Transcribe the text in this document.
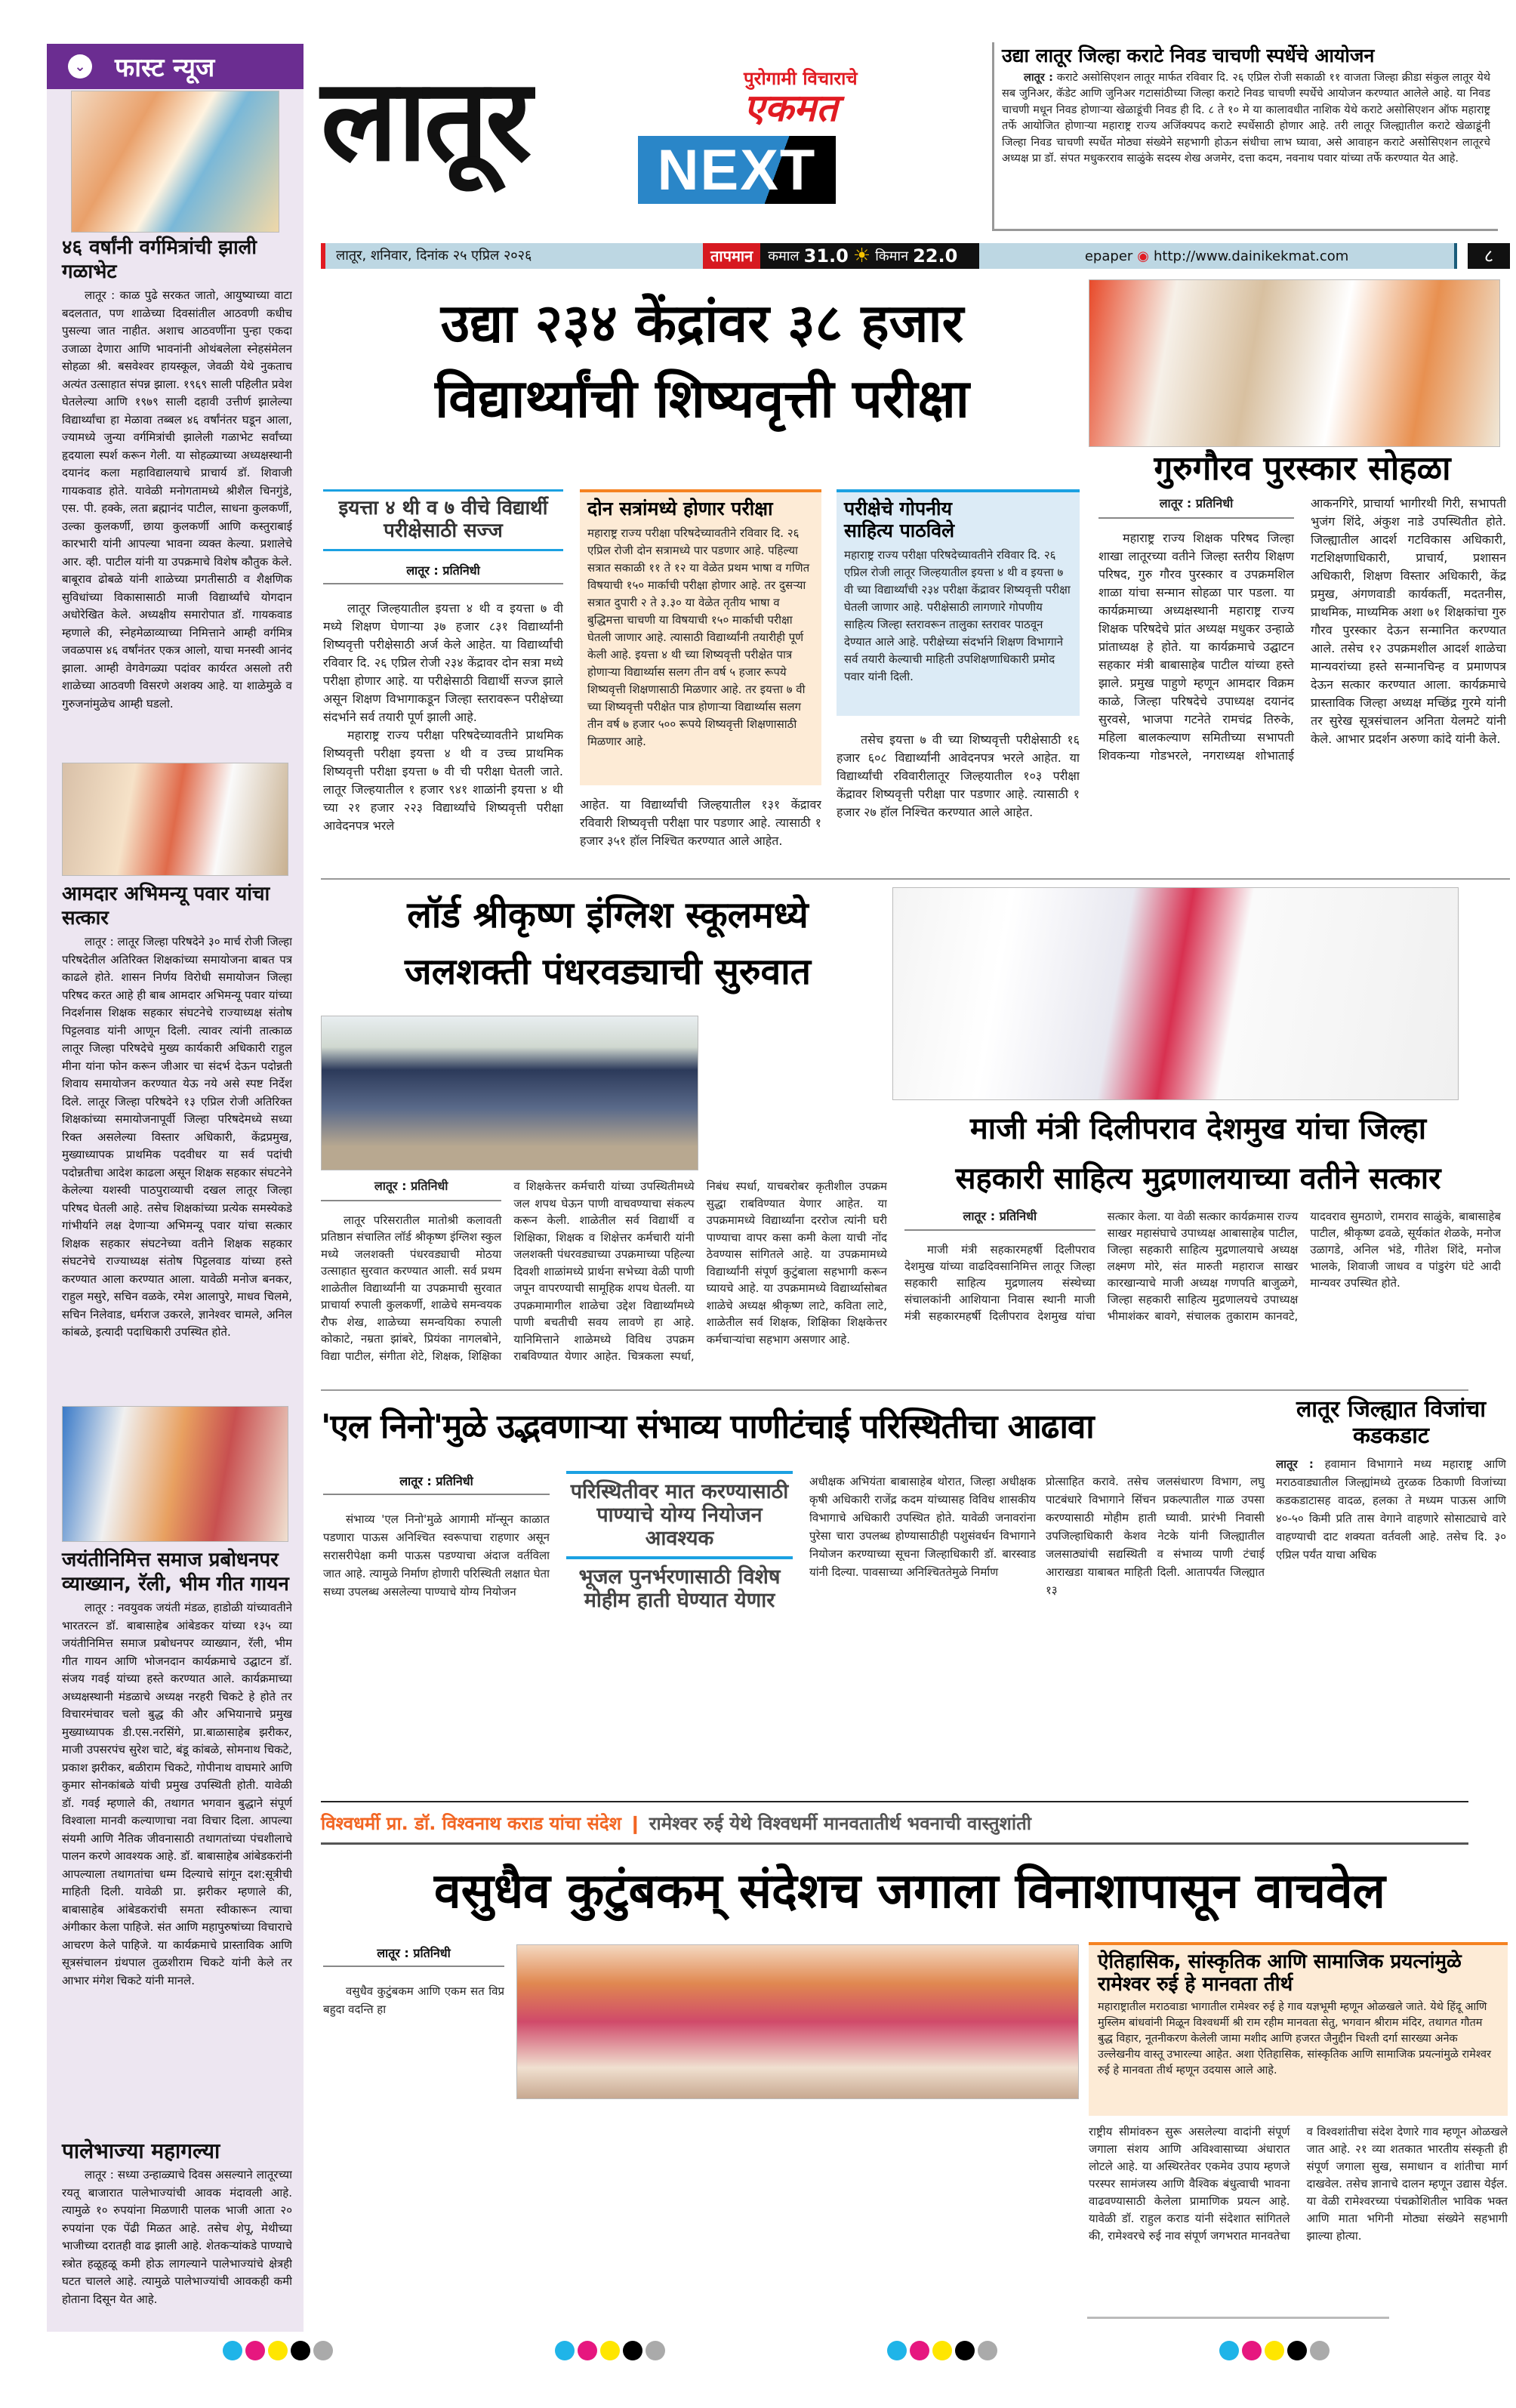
⌄ फास्ट न्यूज
४६ वर्षांनी वर्गमित्रांची झाली गळाभेट
लातूर : काळ पुढे सरकत जातो, आयुष्याच्या वाटा बदलतात, पण शाळेच्या दिवसांतील आठवणी कधीच पुसल्या जात नाहीत. अशाच आठवणींना पुन्हा एकदा उजाळा देणारा आणि भावनांनी ओथंबलेला स्नेहसंमेलन सोहळा श्री. बसवेश्वर हायस्कूल, जेवळी येथे नुकताच अत्यंत उत्साहात संपन्न झाला. १९६९ साली पहिलीत प्रवेश घेतलेल्या आणि १९७९ साली दहावी उत्तीर्ण झालेल्या विद्यार्थ्यांचा हा मेळावा तब्बल ४६ वर्षांनंतर घडून आला, ज्यामध्ये जुन्या वर्गमित्रांची झालेली गळाभेट सर्वांच्या हृदयाला स्पर्श करून गेली. या सोहळ्याच्या अध्यक्षस्थानी दयानंद कला महाविद्यालयाचे प्राचार्य डॉ. शिवाजी गायकवाड होते. यावेळी मनोगतामध्ये श्रीशैल चिनगुंडे, एस. पी. हक्के, लता ब्रह्मानंद पाटील, साधना कुलकर्णी, उल्का कुलकर्णी, छाया कुलकर्णी आणि कस्तुराबाई कारभारी यांनी आपल्या भावना व्यक्त केल्या. प्रशालेचे आर. व्ही. पाटील यांनी या उपक्रमाचे विशेष कौतुक केले. बाबूराव ढोबळे यांनी शाळेच्या प्रगतीसाठी व शैक्षणिक सुविधांच्या विकासासाठी माजी विद्यार्थ्यांचे योगदान अधोरेखित केले. अध्यक्षीय समारोपात डॉ. गायकवाड म्हणाले की, स्नेहमेळाव्याच्या निमित्ताने आम्ही वर्गमित्र जवळपास ४६ वर्षांनंतर एकत्र आलो, याचा मनस्वी आनंद झाला. आम्ही वेगवेगळ्या पदांवर कार्यरत असलो तरी शाळेच्या आठवणी विसरणे अशक्य आहे. या शाळेमुळे व गुरुजनांमुळेच आम्ही घडलो.
आमदार अभिमन्यू पवार यांचा सत्कार
लातूर : लातूर जिल्हा परिषदेने ३० मार्च रोजी जिल्हा परिषदेतील अतिरिक्त शिक्षकांच्या समायोजना बाबत पत्र काढले होते. शासन निर्णय विरोधी समायोजन जिल्हा परिषद करत आहे ही बाब आमदार अभिमन्यू पवार यांच्या निदर्शनास शिक्षक सहकार संघटनेचे राज्याध्यक्ष संतोष पिट्टलवाड यांनी आणून दिली. त्यावर त्यांनी तात्काळ लातूर जिल्हा परिषदेचे मुख्य कार्यकारी अधिकारी राहुल मीना यांना फोन करून जीआर चा संदर्भ देऊन पदोन्नती शिवाय समायोजन करण्यात येऊ नये असे स्पष्ट निर्देश दिले. लातूर जिल्हा परिषदेने १३ एप्रिल रोजी अतिरिक्त शिक्षकांच्या समायोजनापूर्वी जिल्हा परिषदेमध्ये सध्या रिक्त असलेल्या विस्तार अधिकारी, केंद्रप्रमुख, मुख्याध्यापक प्राथमिक पदवीधर या सर्व पदांची पदोन्नतीचा आदेश काढला असून शिक्षक सहकार संघटनेने केलेल्या यशस्वी पाठपुराव्याची दखल लातूर जिल्हा परिषद घेतली आहे. तसेच शिक्षकांच्या प्रत्येक समस्येकडे गांभीर्याने लक्ष देणाऱ्या अभिमन्यू पवार यांचा सत्कार शिक्षक सहकार संघटनेच्या वतीने शिक्षक सहकार संघटनेचे राज्याध्यक्ष संतोष पिट्टलवाड यांच्या हस्ते करण्यात आला करण्यात आला. यावेळी मनोज बनकर, राहुल मसुरे, सचिन वळके, रमेश आलापुरे, माधव चिलमे, सचिन निलेवाड, धर्मराज उकरले, ज्ञानेश्वर चामले, अनिल कांबळे, इत्यादी पदाधिकारी उपस्थित होते.
जयंतीनिमित्त समाज प्रबोधनपर व्याख्यान, रॅली, भीम गीत गायन
लातूर : नवयुवक जयंती मंडळ, हाडोळी यांच्यावतीने भारतरत्न डॉ. बाबासाहेब आंबेडकर यांच्या १३५ व्या जयंतीनिमित्त समाज प्रबोधनपर व्याख्यान, रॅली, भीम गीत गायन आणि भोजनदान कार्यक्रमाचे उद्घाटन डॉ. संजय गवई यांच्या हस्ते करण्यात आले. कार्यक्रमाच्या अध्यक्षस्थानी मंडळाचे अध्यक्ष नरहरी चिकटे हे होते तर विचारमंचावर चलो बुद्ध की और अभियानाचे प्रमुख मुख्याध्यापक डी.एस.नरसिंगे, प्रा.बाळासाहेब झरीकर, माजी उपसरपंच सुरेश चाटे, बंडू कांबळे, सोमनाथ चिकटे, प्रकाश झरीकर, बळीराम चिकटे, गोपीनाथ वाघमारे आणि कुमार सोनकांबळे यांची प्रमुख उपस्थिती होती. यावेळी डॉ. गवई म्हणाले की, तथागत भगवान बुद्धाने संपूर्ण विश्वाला मानवी कल्याणाचा नवा विचार दिला. आपल्या संयमी आणि नैतिक जीवनासाठी तथागतांच्या पंचशीलाचे पालन करणे आवश्यक आहे. डॉ. बाबासाहेब आंबेडकरांनी आपल्याला तथागतांचा धम्म दिल्याचे सांगून दश:सूत्रीची माहिती दिली. यावेळी प्रा. झरीकर म्हणाले की, बाबासाहेब आंबेडकरांची समता स्वीकारून त्याचा अंगीकार केला पाहिजे. संत आणि महापुरुषांच्या विचाराचे आचरण केले पाहिजे. या कार्यक्रमाचे प्रास्ताविक आणि सूत्रसंचालन ग्रंथपाल तुळशीराम चिकटे यांनी केले तर आभार मंगेश चिकटे यांनी मानले.
पालेभाज्या महागल्या
लातूर : सध्या उन्हाळ्याचे दिवस असल्याने लातूरच्या रयतू बाजारात पालेभाज्यांची आवक मंदावली आहे. त्यामुळे १० रुपयांना मिळणारी पालक भाजी आता २० रुपयांना एक पेंढी मिळत आहे. तसेच शेपू, मेथीच्या भाजीच्या दरातही वाढ झाली आहे. शेतकऱ्यांकडे पाण्याचे स्त्रोत हळूहळू कमी होऊ लागल्याने पालेभाज्यांचे क्षेत्रही घटत चालले आहे. त्यामुळे पालेभाज्यांची आवकही कमी होताना दिसून येत आहे.
लातूर	पुरोगामी विचाराचे
एकमत
NEXT
लातूर, शनिवार, दिनांक २५ एप्रिल २०२६	तापमान	कमाल 31.0 ☀ किमान 22.0	epaper ◉ http://www.dainikekmat.com	८
उद्या लातूर जिल्हा कराटे निवड चाचणी स्पर्धेचे आयोजन
लातूर : कराटे असोसिएशन लातूर मार्फत रविवार दि. २६ एप्रिल रोजी सकाळी ११ वाजता जिल्हा क्रीडा संकुल लातूर येथे सब जुनिअर, कॅडेट आणि जुनिअर गटासांठीच्या जिल्हा कराटे निवड चाचणी स्पर्धेचे आयोजन करण्यात आलेले आहे. या निवड चाचणी मधून निवड होणाऱ्या खेळाडूंची निवड ही दि. ८ ते १० मे या कालावधीत नाशिक येथे कराटे असोसिएशन ऑफ महाराष्ट्र तर्फे आयोजित होणाऱ्या महाराष्ट्र राज्य अजिंक्यपद कराटे स्पर्धेसाठी होणार आहे. तरी लातूर जिल्ह्यातील कराटे खेळाडूंनी जिल्हा निवड चाचणी स्पर्धेत मोठ्या संख्येने सहभागी होऊन संधीचा लाभ घ्यावा, असे आवाहन कराटे असोसिएशन लातूरचे अध्यक्ष प्रा डॉ. संपत मधुकरराव साळुंके सदस्य शेख अजमेर, दत्ता कदम, नवनाथ पवार यांच्या तर्फे करण्यात येत आहे.
उद्या २३४ केंद्रांवर ३८ हजार
विद्यार्थ्यांची शिष्यवृत्ती परीक्षा
इयत्ता ४ थी व ७ वीचे विद्यार्थी परीक्षेसाठी सज्ज
लातूर : प्रतिनिधी

लातूर जिल्हयातील इयत्ता ४ थी व इयत्ता ७ वी मध्ये शिक्षण घेणाऱ्या ३७ हजार ८३१ विद्यार्थ्यांनी शिष्यवृत्ती परीक्षेसाठी अर्ज केले आहेत. या विद्यार्थ्यांची रविवार दि. २६ एप्रिल रोजी २३४ केंद्रावर दोन सत्रा मध्ये परीक्षा होणार आहे. या परीक्षेसाठी विद्यार्थी सज्ज झाले असून शिक्षण विभागाकडून जिल्हा स्तरावरून परीक्षेच्या संदर्भाने सर्व तयारी पूर्ण झाली आहे.

महाराष्ट्र राज्य परीक्षा परिषदेच्यावतीने प्राथमिक शिष्यवृत्ती परीक्षा इयत्ता ४ थी व उच्च प्राथमिक शिष्यवृत्ती परीक्षा इयत्ता ७ वी ची परीक्षा घेतली जाते. लातूर जिल्हयातील १ हजार ९४१ शाळांनी इयत्ता ४ थी च्या २१ हजार २२३ विद्यार्थ्यांचे शिष्यवृत्ती परीक्षा आवेदनपत्र भरले

दोन सत्रांमध्ये होणार परीक्षा
महाराष्ट्र राज्य परीक्षा परिषदेच्यावतीने रविवार दि. २६ एप्रिल रोजी दोन सत्रामध्ये पार पडणार आहे. पहिल्या सत्रात सकाळी ११ ते १२ या वेळेत प्रथम भाषा व गणित विषयाची १५० मार्काची परीक्षा होणार आहे. तर दुसऱ्या सत्रात दुपारी २ ते ३.३० या वेळेत तृतीय भाषा व बुद्धिमत्ता चाचणी या विषयाची १५० मार्काची परीक्षा घेतली जाणार आहे. त्यासाठी विद्यार्थ्यांनी तयारीही पूर्ण केली आहे. इयत्ता ४ थी च्या शिष्यवृत्ती परीक्षेत पात्र होणाऱ्या विद्यार्थ्यास सलग तीन वर्ष ५ हजार रूपये शिष्यवृत्ती शिक्षणासाठी मिळणार आहे. तर इयत्ता ७ वी च्या शिष्यवृत्ती परीक्षेत पात्र होणाऱ्या विद्यार्थ्यास सलग तीन वर्ष ७ हजार ५०० रूपये शिष्यवृत्ती शिक्षणासाठी मिळणार आहे.
आहेत. या विद्यार्थ्यांची जिल्हयातील १३१ केंद्रावर रविवारी शिष्यवृत्ती परीक्षा पार पडणार आहे. त्यासाठी १ हजार ३५१ हॉल निश्चित करण्यात आले आहेत.
परीक्षेचे गोपनीय साहित्य पाठविले
महाराष्ट्र राज्य परीक्षा परिषदेच्यावतीने रविवार दि. २६ एप्रिल रोजी लातूर जिल्हयातील इयत्ता ४ थी व इयत्ता ७ वी च्या विद्यार्थ्यांची २३४ परीक्षा केंद्रावर शिष्यवृत्ती परीक्षा घेतली जाणार आहे. परीक्षेसाठी लागणारे गोपणीय साहित्य जिल्हा स्तरावरून तालुका स्तरावर पाठवून देण्यात आले आहे. परीक्षेच्या संदर्भाने शिक्षण विभागाने सर्व तयारी केल्याची माहिती उपशिक्षणाधिकारी प्रमोद पवार यांनी दिली.
तसेच इयत्ता ७ वी च्या शिष्यवृत्ती परीक्षेसाठी १६ हजार ६०८ विद्यार्थ्यांनी आवेदनपत्र भरले आहेत. या विद्यार्थ्यांची रविवारीलातूर जिल्हयातील १०३ परीक्षा केंद्रावर शिष्यवृत्ती परीक्षा पार पडणार आहे. त्यासाठी १ हजार २७ हॉल निश्चित करण्यात आले आहेत.
गुरुगौरव पुरस्कार सोहळा
लातूर : प्रतिनिधी
महाराष्ट्र राज्य शिक्षक परिषद जिल्हा शाखा लातूरच्या वतीने जिल्हा स्तरीय शिक्षण परिषद, गुरु गौरव पुरस्कार व उपक्रमशिल शाळा यांचा सन्मान सोहळा पार पडला. या कार्यक्रमाच्या अध्यक्षस्थानी महाराष्ट्र राज्य शिक्षक परिषदेचे प्रांत अध्यक्ष मधुकर उन्हाळे प्रांताध्यक्ष हे होते. या कार्यक्रमाचे उद्घाटन सहकार मंत्री बाबासाहेब पाटील यांच्या हस्ते झाले. प्रमुख पाहुणे म्हणून आमदार विक्रम काळे, जिल्हा परिषदेचे उपाध्यक्ष दयानंद सुरवसे, भाजपा गटनेते रामचंद्र तिरुके, महिला बालकल्याण समितीच्या सभापती शिवकन्या गोडभरले, नगराध्यक्ष शोभाताई आकनगिरे, प्राचार्या भागीरथी गिरी, सभापती भुजंग शिंदे, अंकुश नाडे उपस्थितीत होते. जिल्ह्यातील आदर्श गटविकास अधिकारी, गटशिक्षणाधिकारी, प्राचार्य, प्रशासन अधिकारी, शिक्षण विस्तार अधिकारी, केंद्र प्रमुख, अंगणवाडी कार्यकर्ती, मदतनीस, प्राथमिक, माध्यमिक अशा ७१ शिक्षकांचा गुरु गौरव पुरस्कार देऊन सन्मानित करण्यात आले. तसेच १२ उपक्रमशील आदर्श शाळेचा मान्यवरांच्या हस्ते सन्मानचिन्ह व प्रमाणपत्र देऊन सत्कार करण्यात आला. कार्यक्रमाचे प्रास्ताविक जिल्हा अध्यक्ष मच्छिंद्र गुरमे यांनी तर सुरेख सूत्रसंचालन अनिता येलमटे यांनी केले. आभार प्रदर्शन अरुणा कांदे यांनी केले.
लॉर्ड श्रीकृष्ण इंग्लिश स्कूलमध्ये
जलशक्ती पंधरवड्याची सुरुवात
लातूर : प्रतिनिधी
लातूर परिसरातील मातोश्री कलावती प्रतिष्ठान संचालित लॉर्ड श्रीकृष्ण इंग्लिश स्कुल मध्ये जलशक्ती पंधरवड्याची मोठया उत्साहात सुरवात करण्यात आली. सर्व प्रथम शाळेतील विद्यार्थ्यांनी या उपक्रमाची सुरवात प्राचार्या रुपाली कुलकर्णी, शाळेचे समन्वयक रौफ शेख, शाळेच्या समन्वयिका रुपाली कोकाटे, नम्रता झांबरे, प्रियंका नागलबोने, विद्या पाटील, संगीता शेटे, शिक्षक, शिक्षिका व शिक्षकेत्तर कर्मचारी यांच्या उपस्थितीमध्ये जल शपथ घेऊन पाणी वाचवण्याचा संकल्प करून केली. शाळेतील सर्व विद्यार्थी व शिक्षिका, शिक्षक व शिक्षेत्तर कर्मचारी यांनी जलशक्ती पंधरवड्याच्या उपक्रमाच्या पहिल्या दिवशी शाळांमध्ये प्रार्थना सभेच्या वेळी पाणी जपून वापरण्याची सामूहिक शपथ घेतली. या उपक्रमामागील शाळेचा उद्देश विद्यार्थ्यांमध्ये पाणी बचतीची सवय लावणे हा आहे. यानिमित्ताने शाळेमध्ये विविध उपक्रम राबविण्यात येणार आहेत. चित्रकला स्पर्धा, निबंध स्पर्धा, याचबरोबर कृतीशील उपक्रम सुद्धा राबविण्यात येणार आहेत. या उपक्रमामध्ये विद्यार्थ्यांना दररोज त्यांनी घरी पाण्याचा वापर कसा कमी केला याची नोंद ठेवण्यास सांगितले आहे. या उपक्रमामध्ये विद्यार्थ्यांनी संपूर्ण कुटुंबाला सहभागी करून घ्यायचे आहे. या उपक्रमामध्ये विद्यार्थ्यासोबत शाळेचे अध्यक्ष श्रीकृष्ण लाटे, कविता लाटे, शाळेतील सर्व शिक्षक, शिक्षिका शिक्षकेत्तर कर्मचाऱ्यांचा सहभाग असणार आहे.
माजी मंत्री दिलीपराव देशमुख यांचा जिल्हा
सहकारी साहित्य मुद्रणालयाच्या वतीने सत्कार
लातूर : प्रतिनिधी
माजी मंत्री सहकारमहर्षी दिलीपराव देशमुख यांच्या वाढदिवसानिमित्त लातूर जिल्हा सहकारी साहित्य मुद्रणालय संस्थेच्या संचालकांनी आशियाना निवास स्थानी माजी मंत्री सहकारमहर्षी दिलीपराव देशमुख यांचा सत्कार केला. या वेळी सत्कार कार्यक्रमास राज्य साखर महासंघाचे उपाध्यक्ष आबासाहेब पाटील, जिल्हा सहकारी साहित्य मुद्रणालयाचे अध्यक्ष लक्ष्मण मोरे, संत मारुती महाराज साखर कारखान्याचे माजी अध्यक्ष गणपति बाजुळगे, जिल्हा सहकारी साहित्य मुद्रणालयचे उपाध्यक्ष भीमाशंकर बावगे, संचालक तुकाराम कानवटे, यादवराव सुमठाणे, रामराव साळुंके, बाबासाहेब पाटील, श्रीकृष्ण ढवळे, सूर्यकांत शेळके, मनोज उळागडे, अनिल भंडे, गीतेश शिंदे, मनोज भालके, शिवाजी जाधव व पांडुरंग घंटे आदी मान्यवर उपस्थित होते.
'एल निनो'मुळे उद्भवणाऱ्या संभाव्य पाणीटंचाई परिस्थितीचा आढावा
लातूर : प्रतिनिधी
संभाव्य 'एल निनो'मुळे आगामी मॉन्सून काळात पडणारा पाऊस अनिश्चित स्वरूपाचा राहणार असून सरासरीपेक्षा कमी पाऊस पडण्याचा अंदाज वर्तविला जात आहे. त्यामुळे निर्माण होणारी परिस्थिती लक्षात घेता सध्या उपलब्ध असलेल्या पाण्याचे योग्य नियोजन
परिस्थितीवर मात करण्यासाठी पाण्याचे योग्य नियोजन आवश्यक
भूजल पुनर्भरणासाठी विशेष मोहीम हाती घेण्यात येणार
अधीक्षक अभियंता बाबासाहेब थोरात, जिल्हा अधीक्षक कृषी अधिकारी राजेंद्र कदम यांच्यासह विविध शासकीय विभागाचे अधिकारी उपस्थित होते. यावेळी जनावरांना पुरेसा चारा उपलब्ध होण्यासाठीही पशुसंवर्धन विभागाने नियोजन करण्याच्या सूचना जिल्हाधिकारी डॉ. बारस्वाड यांनी दिल्या. पावसाच्या अनिश्चिततेमुळे निर्माण
प्रोत्साहित करावे. तसेच जलसंधारण विभाग, लघु पाटबंधारे विभागाने सिंचन प्रकल्पातील गाळ उपसा करण्यासाठी मोहीम हाती घ्यावी. प्रारंभी निवासी उपजिल्हाधिकारी केशव नेटके यांनी जिल्ह्यातील जलसाठ्यांची सद्यस्थिती व संभाव्य पाणी टंचाई आराखडा याबाबत माहिती दिली. आतापर्यंत जिल्ह्यात १३
लातूर जिल्ह्यात विजांचा कडकडाट
लातूर : हवामान विभागाने मध्य महाराष्ट्र आणि मराठवाड्यातील जिल्ह्यांमध्ये तुरळक ठिकाणी विजांच्या कडकडाटासह वादळ, हलका ते मध्यम पाऊस आणि ४०-५० किमी प्रति तास वेगाने वाहणारे सोसाट्याचे वारे वाहण्याची दाट शक्यता वर्तवली आहे. तसेच दि. ३० एप्रिल पर्यंत याचा अधिक
विश्वधर्मी प्रा. डॉ. विश्वनाथ कराड यांचा संदेश ❙ रामेश्वर रुई येथे विश्वधर्मी मानवतातीर्थ भवनाची वास्तुशांती
वसुधैव कुटुंबकम् संदेशच जगाला विनाशापासून वाचवेल
लातूर : प्रतिनिधी
वसुधैव कुटुंबकम आणि एकम सत विप्र बहुदा वदन्ति हा
ऐतिहासिक, सांस्कृतिक आणि सामाजिक प्रयत्नांमुळे रामेश्वर रुई हे मानवता तीर्थ
महाराष्ट्रातील मराठवाडा भागातील रामेश्वर रुई हे गाव यज्ञभूमी म्हणून ओळखले जाते. येथे हिंदू आणि मुस्लिम बांधवांनी मिळून विश्वधर्मी श्री राम रहीम मानवता सेतु, भगवान श्रीराम मंदिर, तथागत गौतम बुद्ध विहार, नूतनीकरण केलेली जामा मशीद आणि हजरत जैनुद्दीन चिश्ती दर्गा सारख्या अनेक उल्लेखनीय वास्तू उभारल्या आहेत. अशा ऐतिहासिक, सांस्कृतिक आणि सामाजिक प्रयत्नांमुळे रामेश्वर रुई हे मानवता तीर्थ म्हणून उदयास आले आहे.
राष्ट्रीय सीमांवरुन सुरू असलेल्या वादांनी संपूर्ण जगाला संशय आणि अविश्वासाच्या अंधारात लोटले आहे. या अस्थिरतेवर एकमेव उपाय म्हणजे परस्पर सामंजस्य आणि वैश्विक बंधुत्वाची भावना वाढवण्यासाठी केलेला प्रामाणिक प्रयत्न आहे. यावेळी डॉ. राहुल कराड यांनी संदेशात सांगितले की, रामेश्वरचे रुई नाव संपूर्ण जगभरात मानवतेचा व विश्वशांतीचा संदेश देणारे गाव म्हणून ओळखले जात आहे. २१ व्या शतकात भारतीय संस्कृती ही संपूर्ण जगाला सुख, समाधान व शांतीचा मार्ग दाखवेल. तसेच ज्ञानाचे दालन म्हणून उद्यास येईल. या वेळी रामेश्वरच्या पंचक्रोशितील भाविक भक्त आणि माता भगिनी मोठ्या संख्येने सहभागी झाल्या होत्या.
